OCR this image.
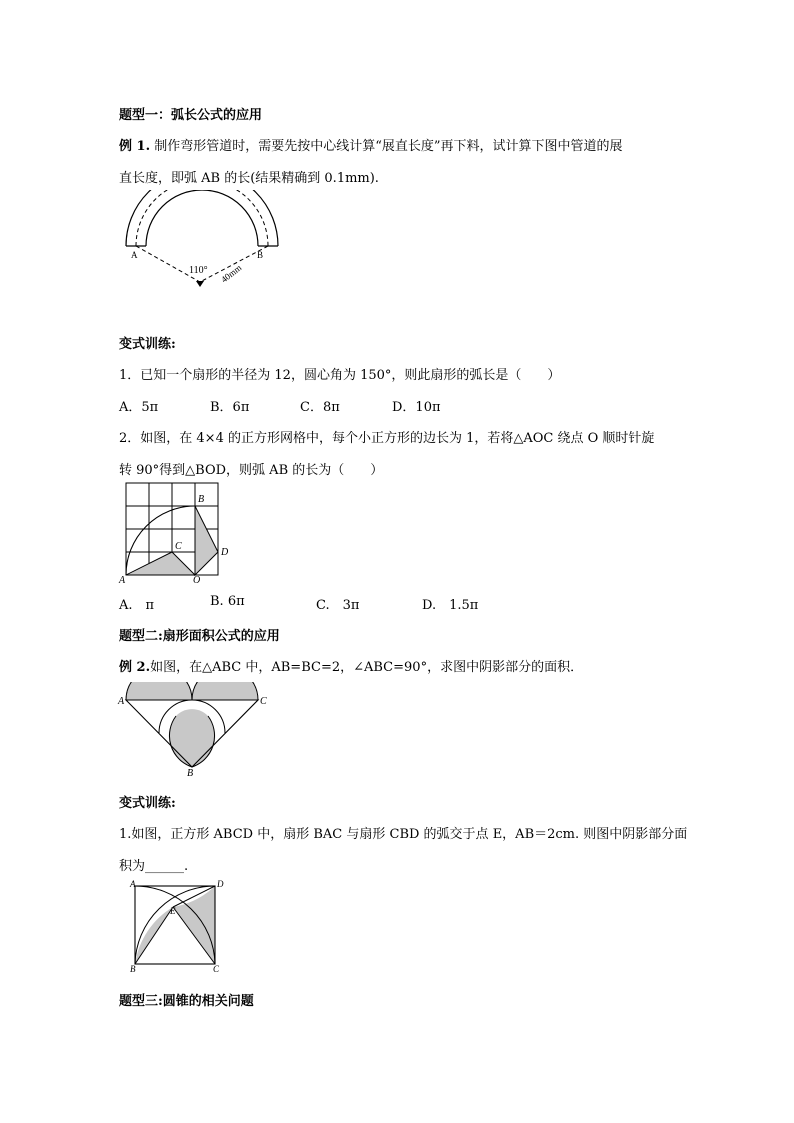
题型一：弧长公式的应用
例 1. 制作弯形管道时，需要先按中心线计算“展直长度”再下料，试计算下图中管道的展
直长度，即弧 AB 的长(结果精确到 0.1mm).
A	B
110° 40mm
变式训练:
1．已知一个扇形的半径为 12，圆心角为 150°，则此扇形的弧长是（　　）
A．5π	B．6π	C．8π	D．10π
2．如图，在 4×4 的正方形网格中，每个小正方形的边长为 1，若将△AOC 绕点 O 顺时针旋
转 90°得到△BOD，则弧 AB 的长为（　　）
A
B
C
D
O
A.　π	B. 6π	C.　3π	D.　1.5π
题型二:扇形面积公式的应用
例 2.如图，在△ABC 中，AB=BC=2，∠ABC=90°，求图中阴影部分的面积．
A
B
C
变式训练:
1.如图，正方形 ABCD 中，扇形 BAC 与扇形 CBD 的弧交于点 E，AB＝2cm. 则图中阴影部分面
积为______.
A
B	C
D
E
题型三:圆锥的相关问题
